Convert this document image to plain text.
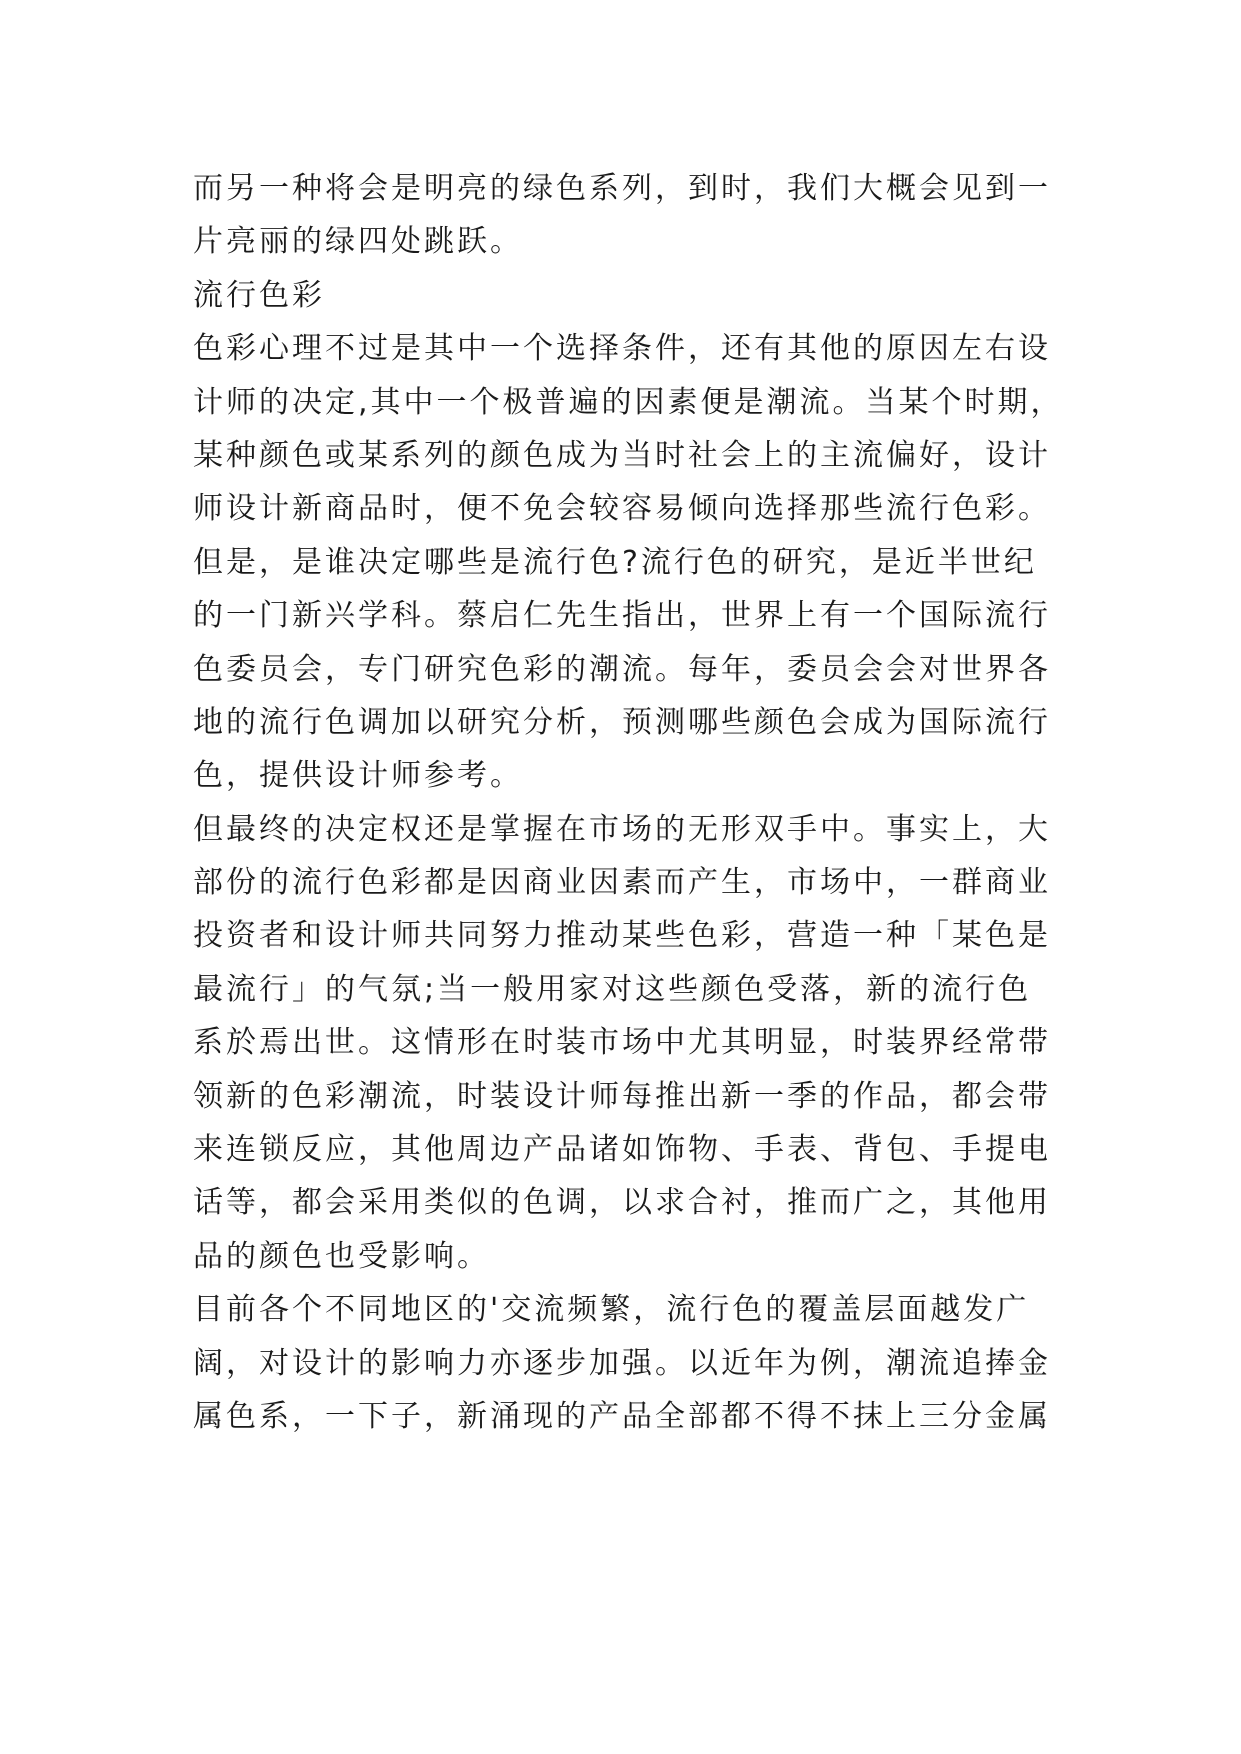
而另一种将会是明亮的绿色系列，到时，我们大概会见到一
片亮丽的绿四处跳跃。
流行色彩
色彩心理不过是其中一个选择条件，还有其他的原因左右设
计师的决定,其中一个极普遍的因素便是潮流。当某个时期，
某种颜色或某系列的颜色成为当时社会上的主流偏好，设计
师设计新商品时，便不免会较容易倾向选择那些流行色彩。
但是，是谁决定哪些是流行色?流行色的研究，是近半世纪
的一门新兴学科。蔡启仁先生指出，世界上有一个国际流行
色委员会，专门研究色彩的潮流。每年，委员会会对世界各
地的流行色调加以研究分析，预测哪些颜色会成为国际流行
色，提供设计师参考。
但最终的决定权还是掌握在市场的无形双手中。事实上，大
部份的流行色彩都是因商业因素而产生，市场中，一群商业
投资者和设计师共同努力推动某些色彩，营造一种「某色是
最流行」的气氛;当一般用家对这些颜色受落，新的流行色
系於焉出世。这情形在时装市场中尤其明显，时装界经常带
领新的色彩潮流，时装设计师每推出新一季的作品，都会带
来连锁反应，其他周边产品诸如饰物、手表、背包、手提电
话等，都会采用类似的色调，以求合衬，推而广之，其他用
品的颜色也受影响。
目前各个不同地区的'交流频繁，流行色的覆盖层面越发广
阔，对设计的影响力亦逐步加强。以近年为例，潮流追捧金
属色系，一下子，新涌现的产品全部都不得不抹上三分金属
